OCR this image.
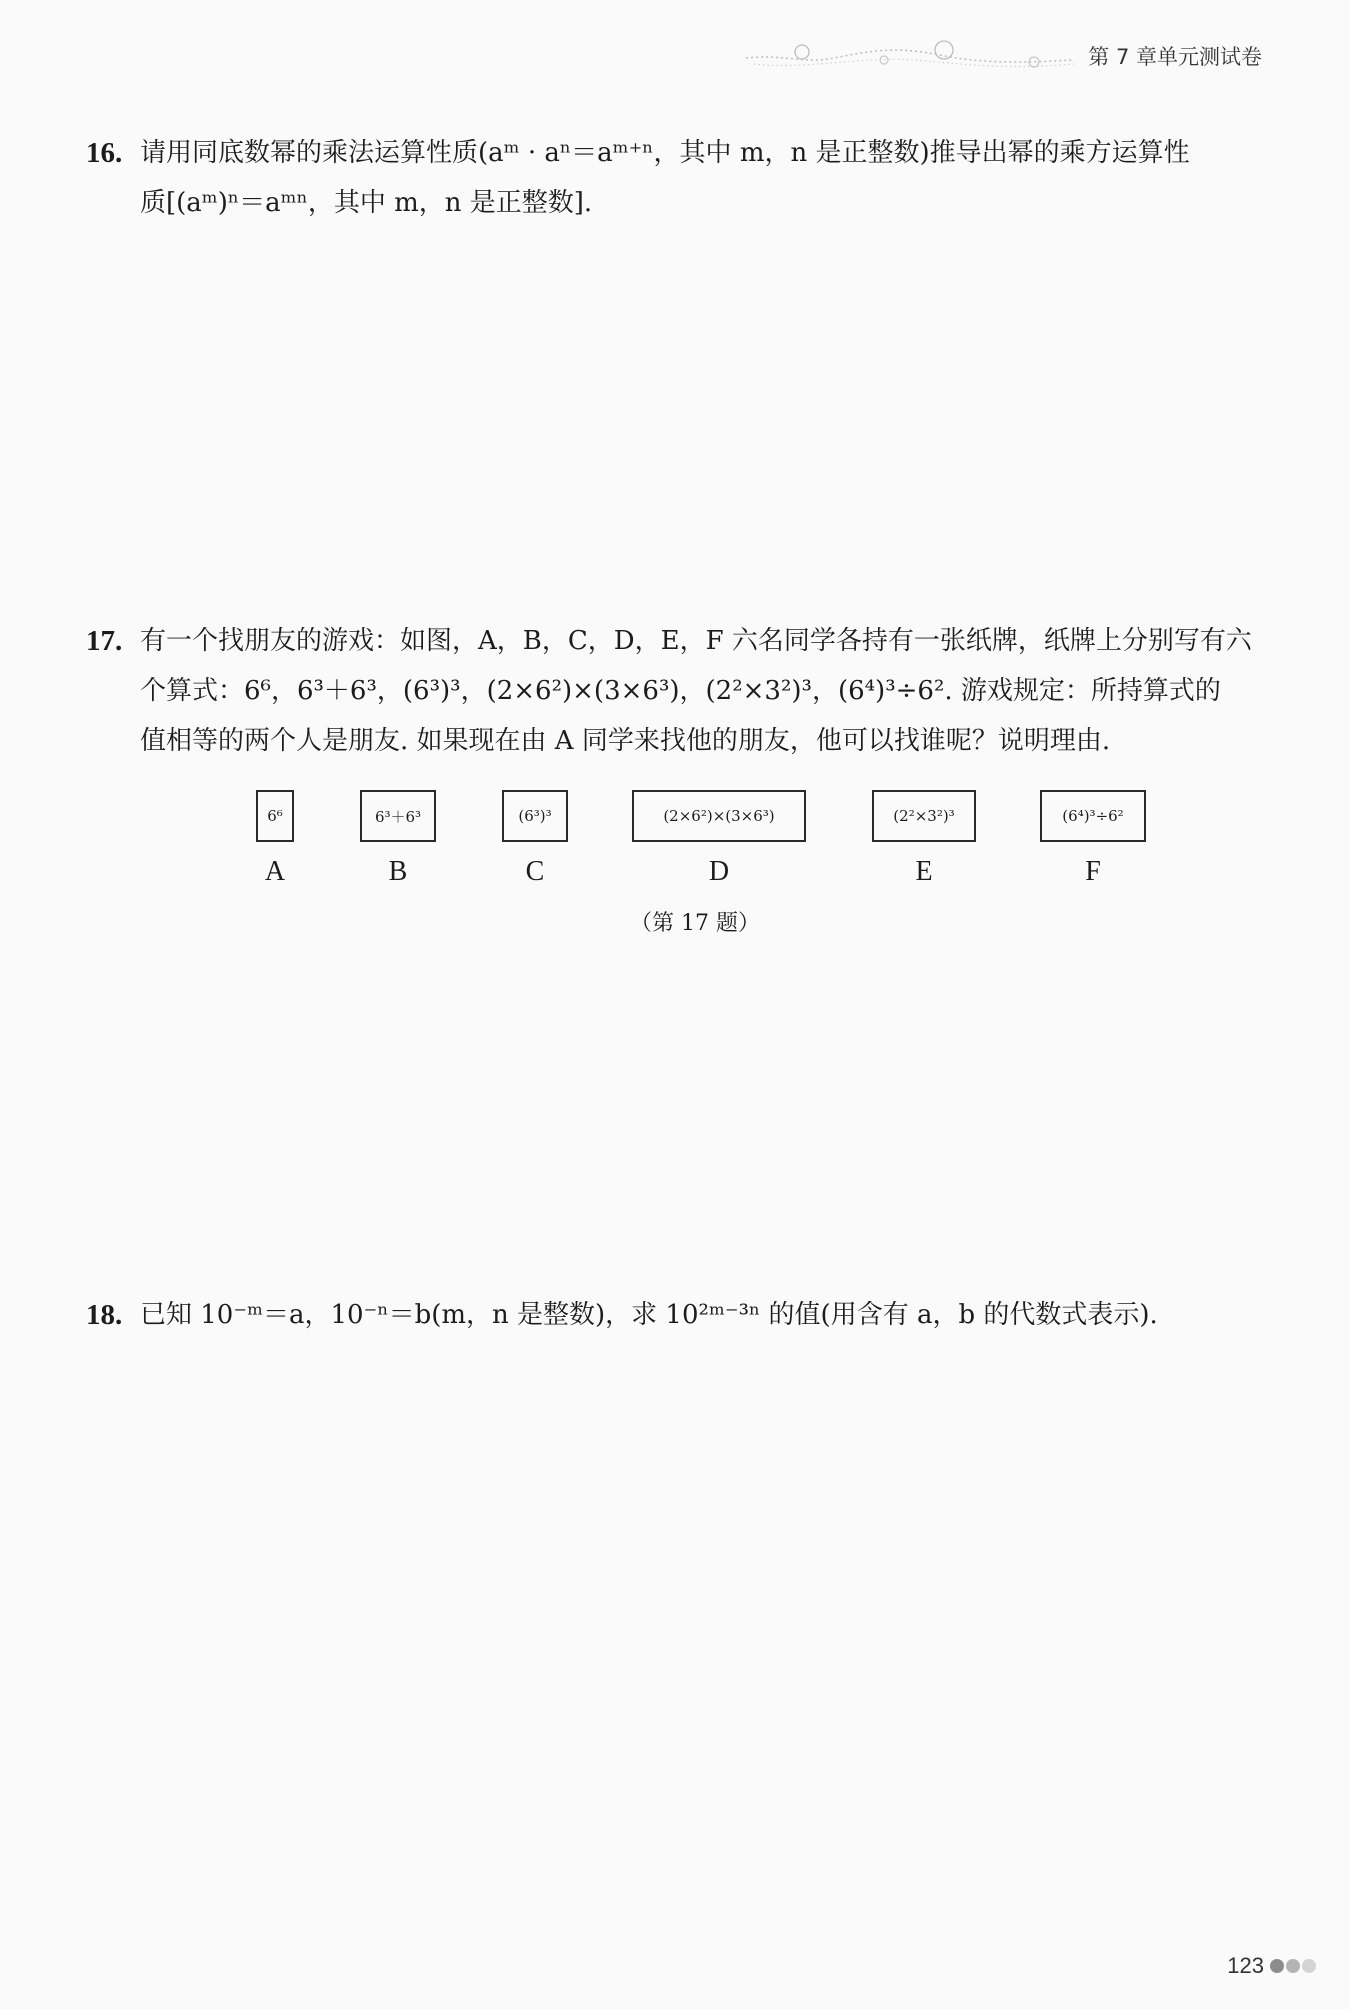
第 7 章单元测试卷
16. 请用同底数幂的乘法运算性质(aᵐ · aⁿ＝aᵐ⁺ⁿ，其中 m，n 是正整数)推导出幂的乘方运算性
质[(aᵐ)ⁿ＝aᵐⁿ，其中 m，n 是正整数].
17. 有一个找朋友的游戏：如图，A，B，C，D，E，F 六名同学各持有一张纸牌，纸牌上分别写有六
个算式：6⁶，6³＋6³，(6³)³，(2×6²)×(3×6³)，(2²×3²)³，(6⁴)³÷6². 游戏规定：所持算式的
值相等的两个人是朋友. 如果现在由 A 同学来找他的朋友，他可以找谁呢？说明理由.
6⁶
A
6³＋6³
B
(6³)³
C
(2×6²)×(3×6³)
D
(2²×3²)³
E
(6⁴)³÷6²
F
（第 17 题）
18. 已知 10⁻ᵐ＝a，10⁻ⁿ＝b(m，n 是整数)，求 10²ᵐ⁻³ⁿ 的值(用含有 a，b 的代数式表示).
123
